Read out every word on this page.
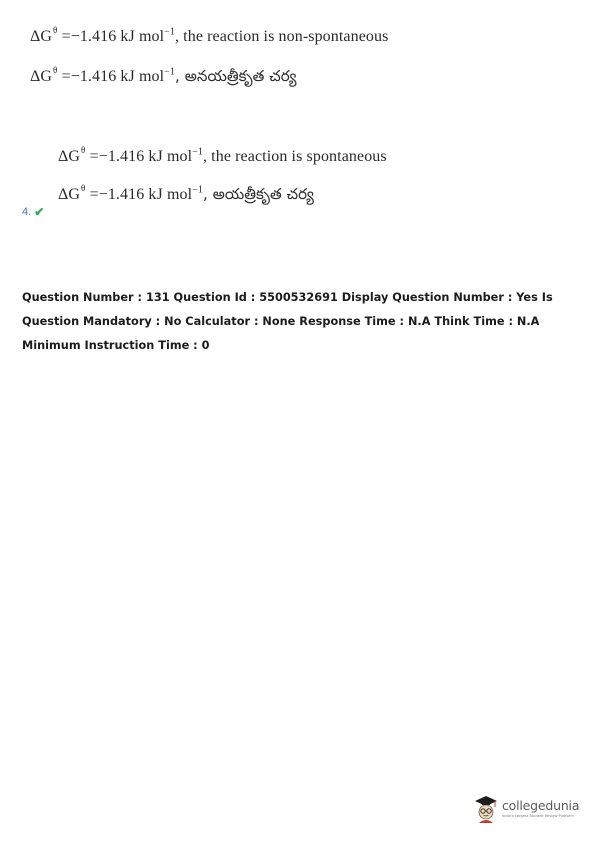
$\Delta G^\theta =-1.416$ kJ mol$^{-1}$, the reaction is non-spontaneous
$\Delta G^\theta =-1.416$ kJ mol$^{-1}$, అనయత్రీకృత చర్య
$\Delta G^\theta =-1.416$ kJ mol$^{-1}$, the reaction is spontaneous
$\Delta G^\theta =-1.416$ kJ mol$^{-1}$, అయత్రీకృత చర్య
4. ✔
Question Number : 131 Question Id : 5500532691 Display Question Number : Yes Is Question Mandatory : No Calculator : None Response Time : N.A Think Time : N.A Minimum Instruction Time : 0
collegedunia
India's Largest Student Review Platform
